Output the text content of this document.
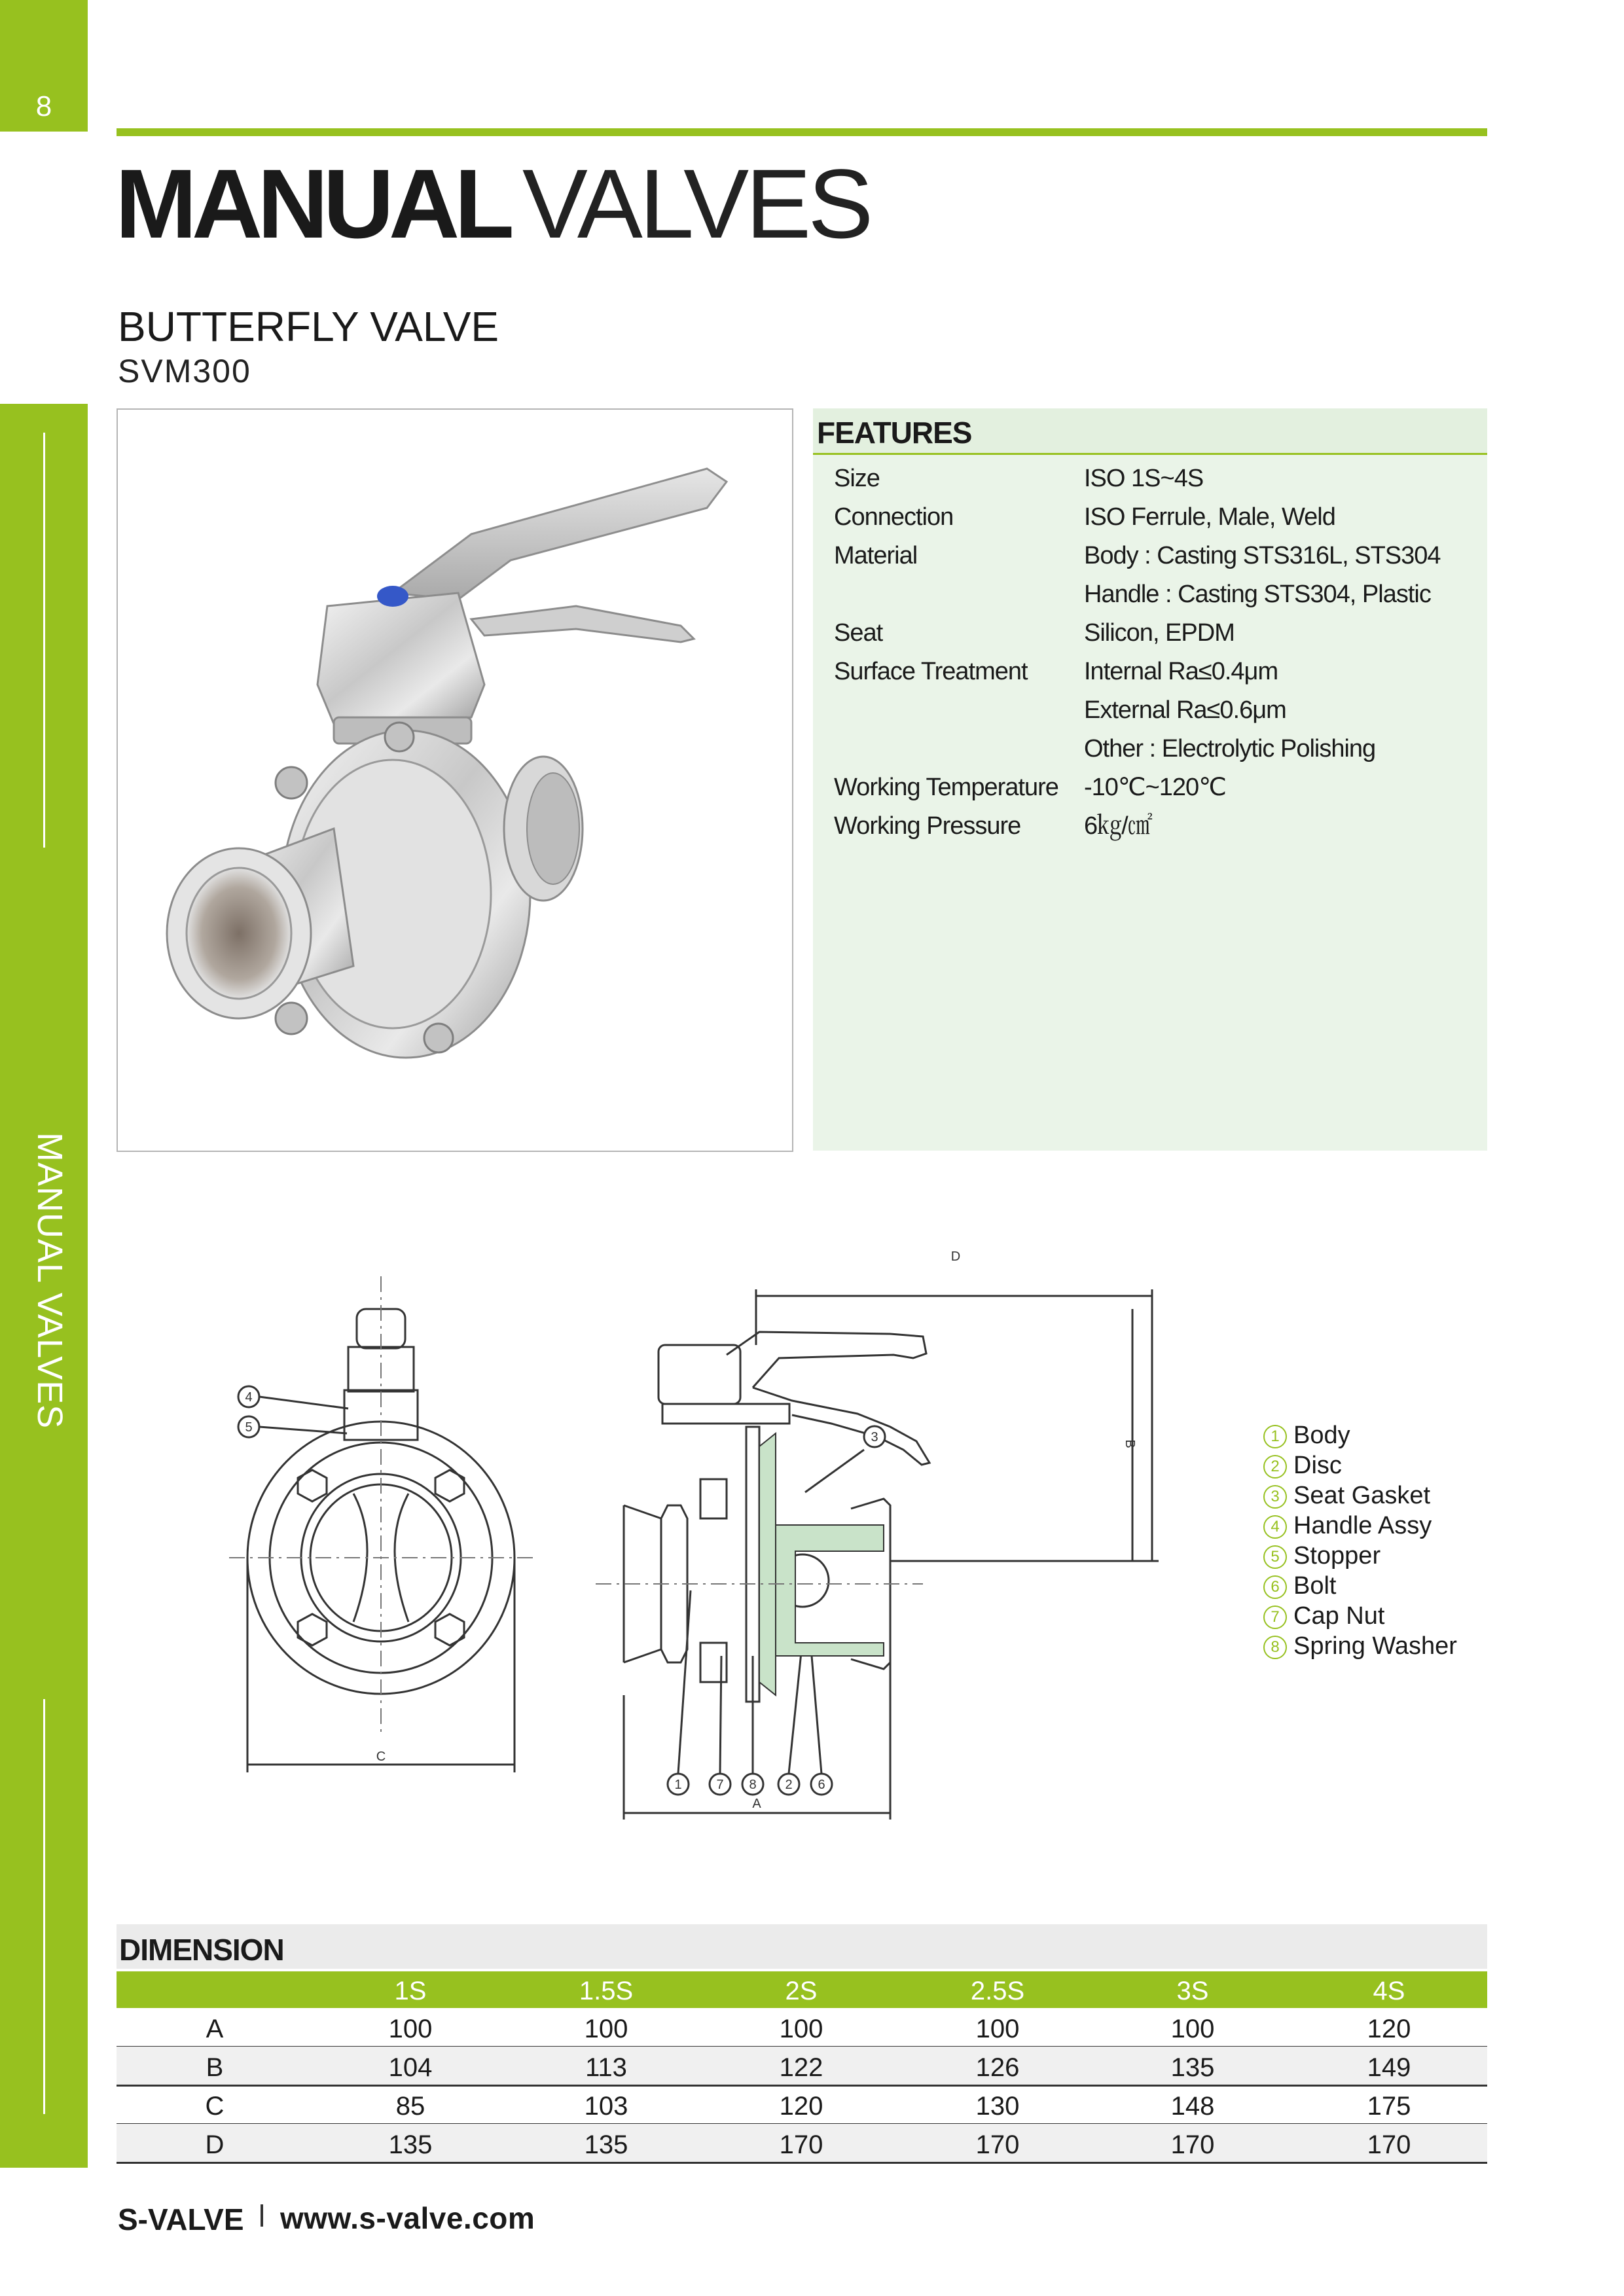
8
MANUAL VALVES
MANUAL VALVES
BUTTERFLY VALVE
SVM300
FEATURES
Size	ISO 1S~4S
Connection	ISO Ferrule, Male, Weld
Material	Body : Casting STS316L, STS304
Handle : Casting STS304, Plastic
Seat	Silicon, EPDM
Surface Treatment Internal Ra≤0.4μm
External Ra≤0.6μm
Other : Electrolytic Polishing
Working Temperature -10℃~120℃
Working Pressure	6㎏/㎠
4
5
3
1	7 8 2 6
D
C
A
B	1 Body
2 Disc
3 Seat Gasket
4 Handle Assy
5 Stopper
6 Bolt
7 Cap Nut
8 Spring Washer
DIMENSION
1S	1.5S	2S	2.5S	3S	4S
A	100	100	100	100	100	120
B	104	113	122	126	135	149
C	85	103	120	130	148	175
D	135	135	170	170	170	170
S-VALVE www.s-valve.com
